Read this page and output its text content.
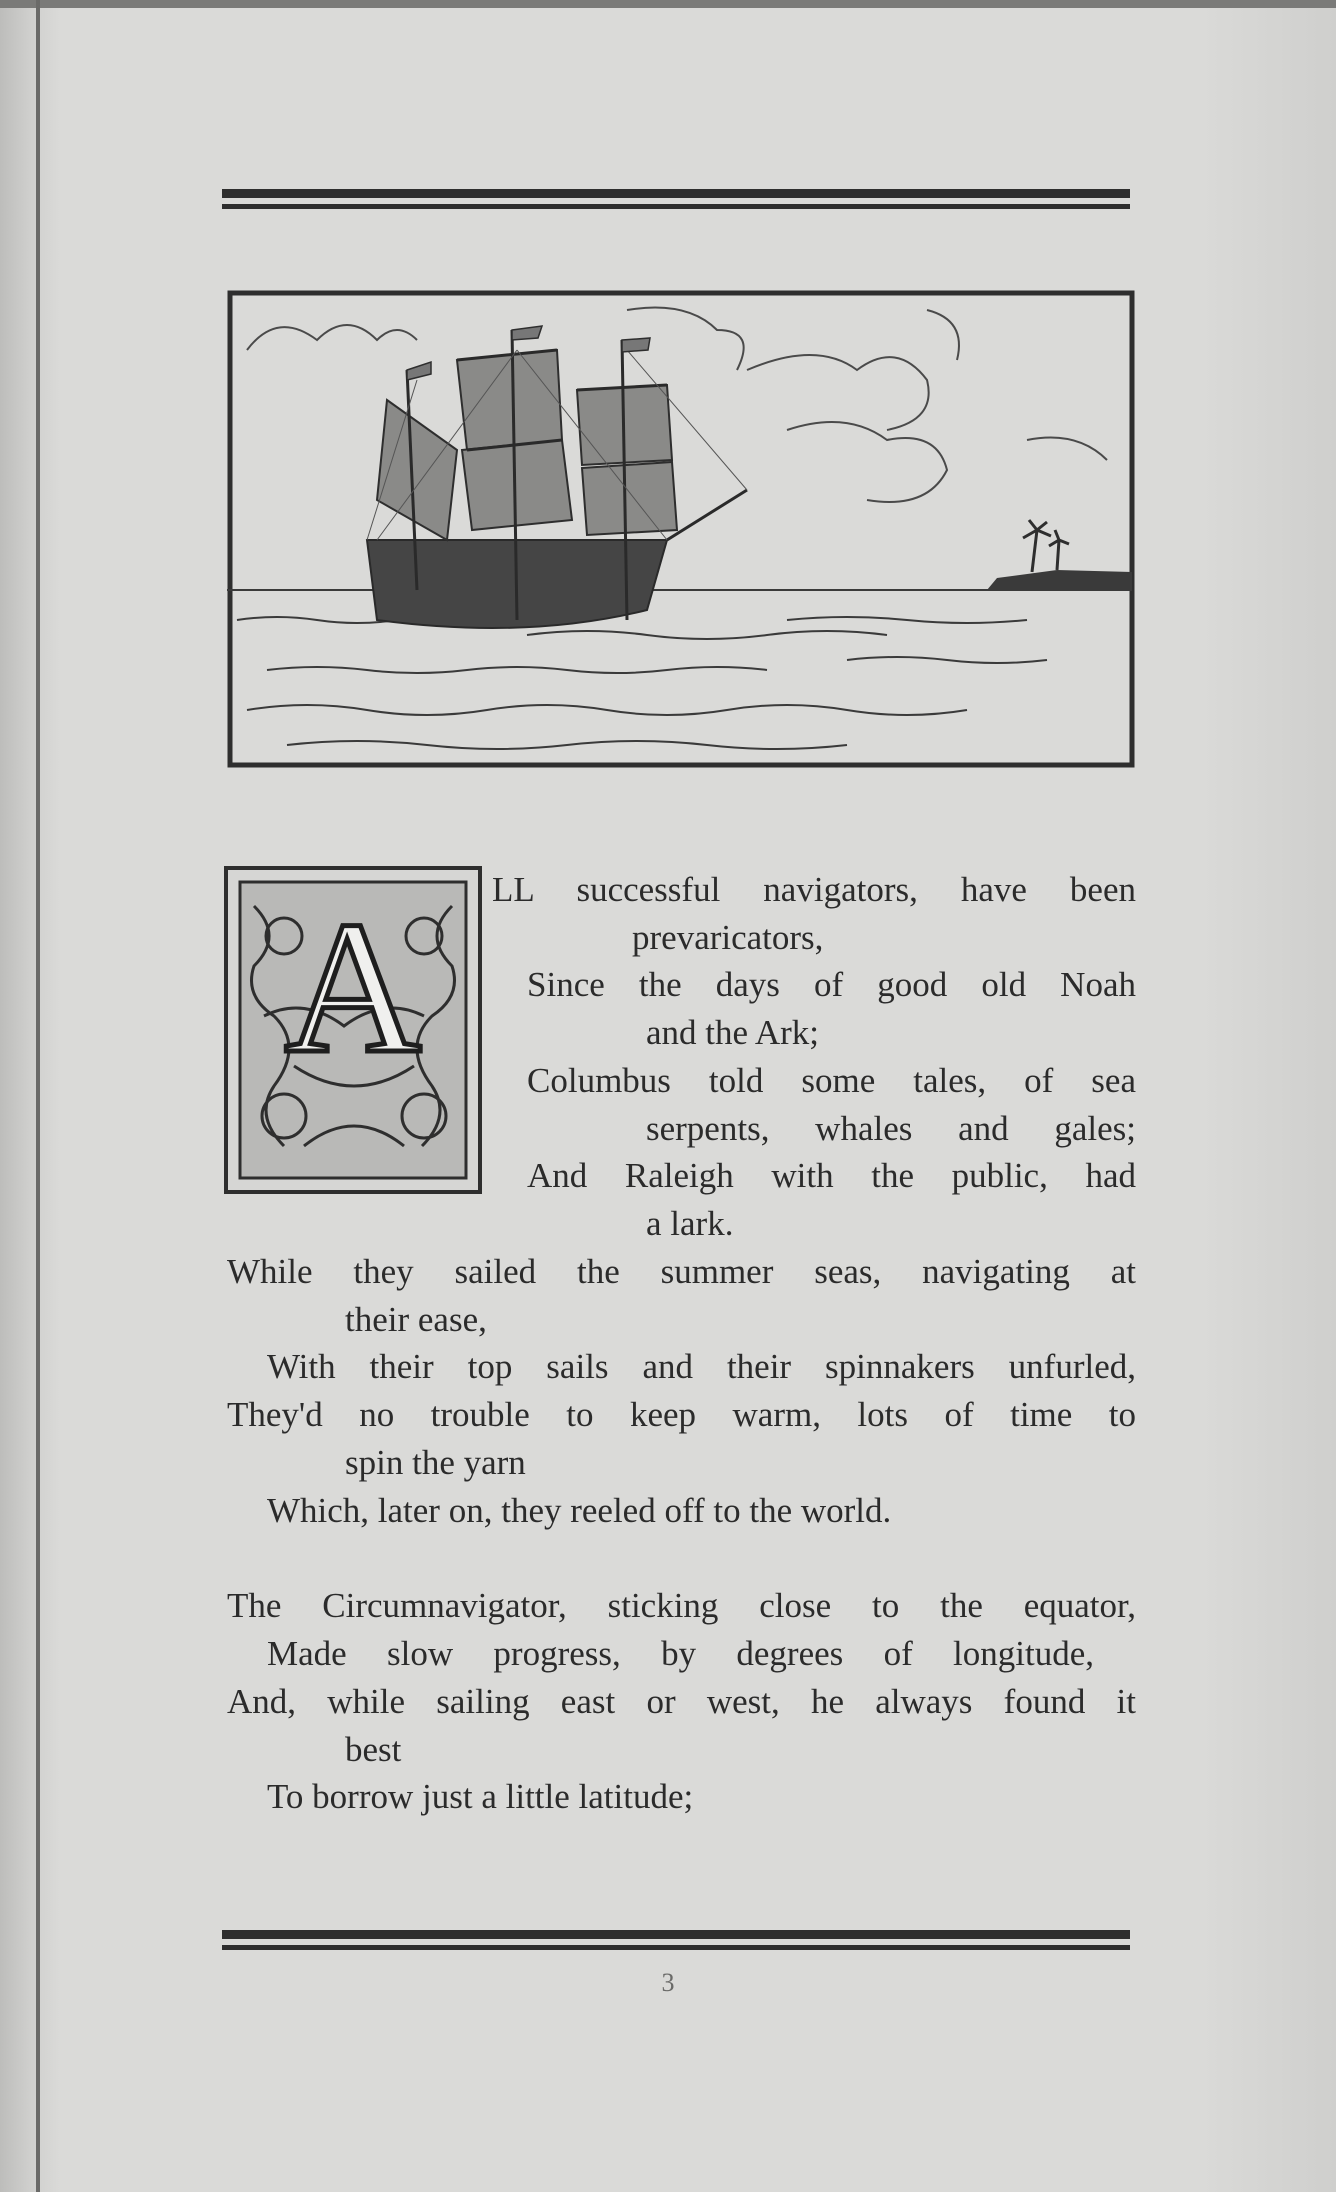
A LL successful navigators, have been
prevaricators,
Since the days of good old Noah
and the Ark;
Columbus told some tales, of sea
serpents, whales and gales;
And Raleigh with the public, had
a lark.
While they sailed the summer seas, navigating at
their ease,
With their top sails and their spinnakers unfurled,
They'd no trouble to keep warm, lots of time to
spin the yarn
Which, later on, they reeled off to the world.
The Circumnavigator, sticking close to the equator,
Made slow progress, by degrees of longitude,
And, while sailing east or west, he always found it
best
To borrow just a little latitude;
3
